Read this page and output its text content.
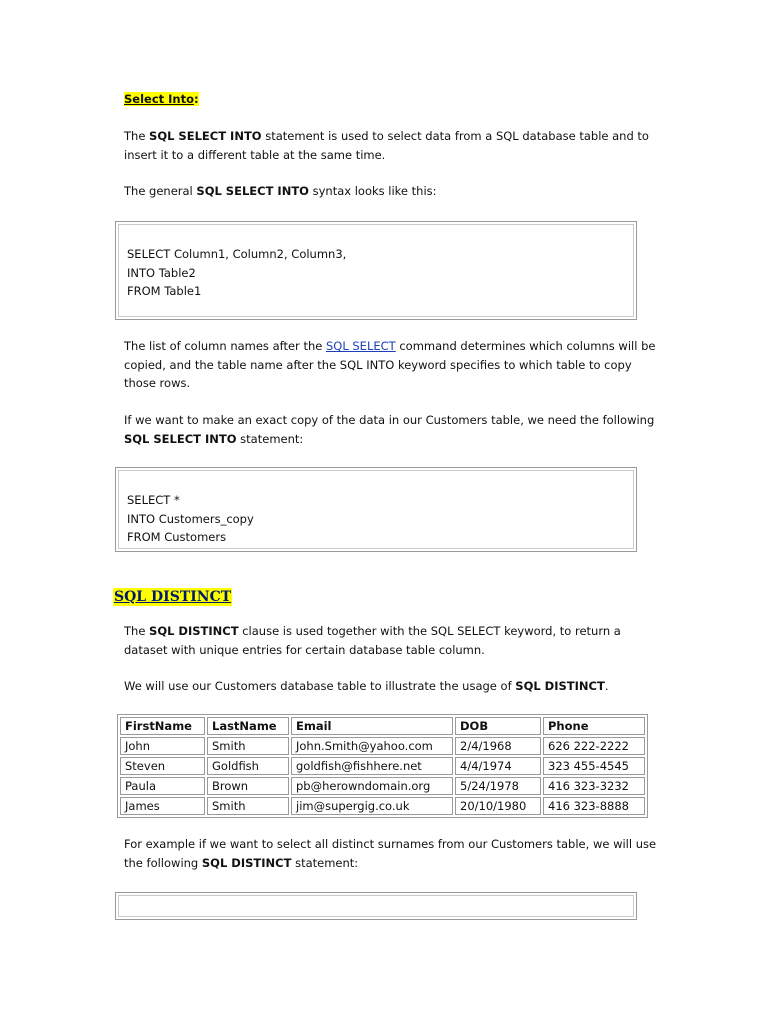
Select Into:

The SQL SELECT INTO statement is used to select data from a SQL database table and to insert it to a different table at the same time.

The general SQL SELECT INTO syntax looks like this:

SELECT Column1, Column2, Column3,
INTO Table2
FROM Table1

The list of column names after the SQL SELECT command determines which columns will be copied, and the table name after the SQL INTO keyword specifies to which table to copy those rows.

If we want to make an exact copy of the data in our Customers table, we need the following SQL SELECT INTO statement:

SELECT *
INTO Customers_copy
FROM Customers
SQL DISTINCT

The SQL DISTINCT clause is used together with the SQL SELECT keyword, to return a dataset with unique entries for certain database table column.

We will use our Customers database table to illustrate the usage of SQL DISTINCT.

FirstName	LastName	Email	DOB	Phone
John	Smith	John.Smith@yahoo.com	2/4/1968	626 222-2222
Steven	Goldfish	goldfish@fishhere.net	4/4/1974	323 455-4545
Paula	Brown	pb@herowndomain.org	5/24/1978	416 323-3232
James	Smith	jim@supergig.co.uk	20/10/1980	416 323-8888

For example if we want to select all distinct surnames from our Customers table, we will use the following SQL DISTINCT statement:
